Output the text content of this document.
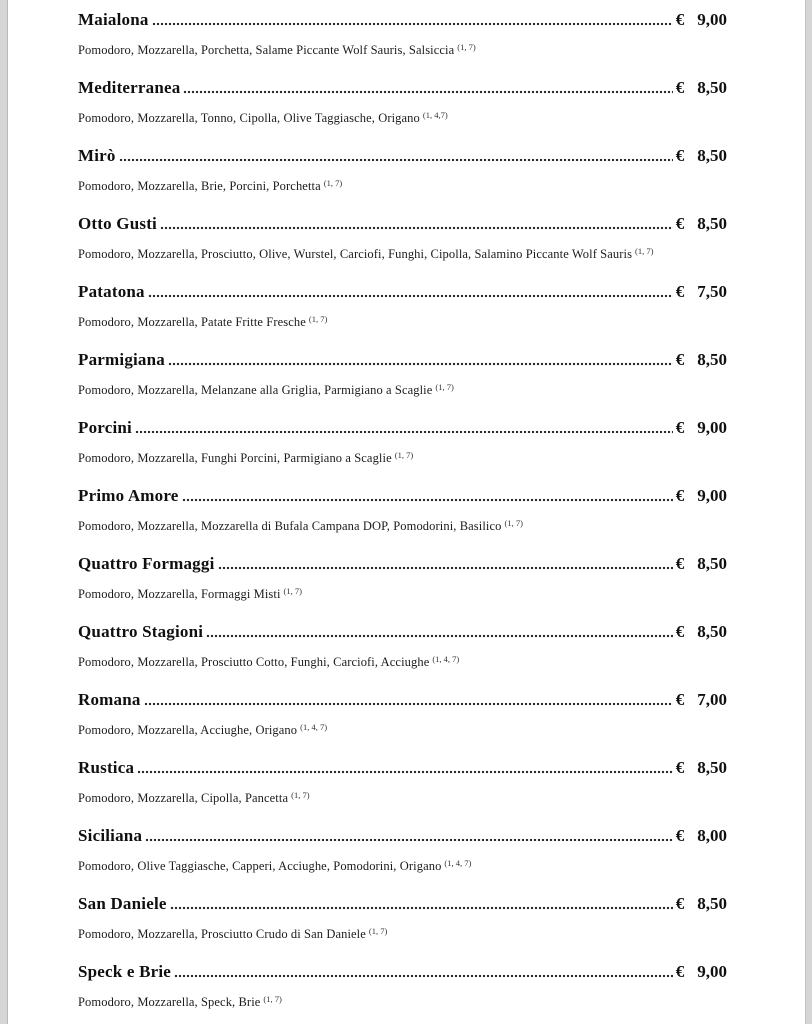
Maialona	€ 9,00
Pomodoro, Mozzarella, Porchetta, Salame Piccante Wolf Sauris, Salsiccia $^{(1, 7)}$
Mediterranea	€ 8,50
Pomodoro, Mozzarella, Tonno, Cipolla, Olive Taggiasche, Origano $^{(1, 4,7)}$
Mirò	€ 8,50
Pomodoro, Mozzarella, Brie, Porcini, Porchetta $^{(1, 7)}$
Otto Gusti	€ 8,50
Pomodoro, Mozzarella, Prosciutto, Olive, Wurstel, Carciofi, Funghi, Cipolla, Salamino Piccante Wolf Sauris $^{(1, 7)}$
Patatona	€ 7,50
Pomodoro, Mozzarella, Patate Fritte Fresche $^{(1, 7)}$
Parmigiana	€ 8,50
Pomodoro, Mozzarella, Melanzane alla Griglia, Parmigiano a Scaglie $^{(1, 7)}$
Porcini	€ 9,00
Pomodoro, Mozzarella, Funghi Porcini, Parmigiano a Scaglie $^{(1, 7)}$
Primo Amore	€ 9,00
Pomodoro, Mozzarella, Mozzarella di Bufala Campana DOP, Pomodorini, Basilico $^{(1, 7)}$
Quattro Formaggi	€ 8,50
Pomodoro, Mozzarella, Formaggi Misti $^{(1, 7)}$
Quattro Stagioni	€ 8,50
Pomodoro, Mozzarella, Prosciutto Cotto, Funghi, Carciofi, Acciughe $^{(1, 4, 7)}$
Romana	€ 7,00
Pomodoro, Mozzarella, Acciughe, Origano $^{(1, 4, 7)}$
Rustica	€ 8,50
Pomodoro, Mozzarella, Cipolla, Pancetta $^{(1, 7)}$
Siciliana	€ 8,00
Pomodoro, Olive Taggiasche, Capperi, Acciughe, Pomodorini, Origano $^{(1, 4, 7)}$
San Daniele	€ 8,50
Pomodoro, Mozzarella, Prosciutto Crudo di San Daniele $^{(1, 7)}$
Speck e Brie	€ 9,00
Pomodoro, Mozzarella, Speck, Brie $^{(1, 7)}$
